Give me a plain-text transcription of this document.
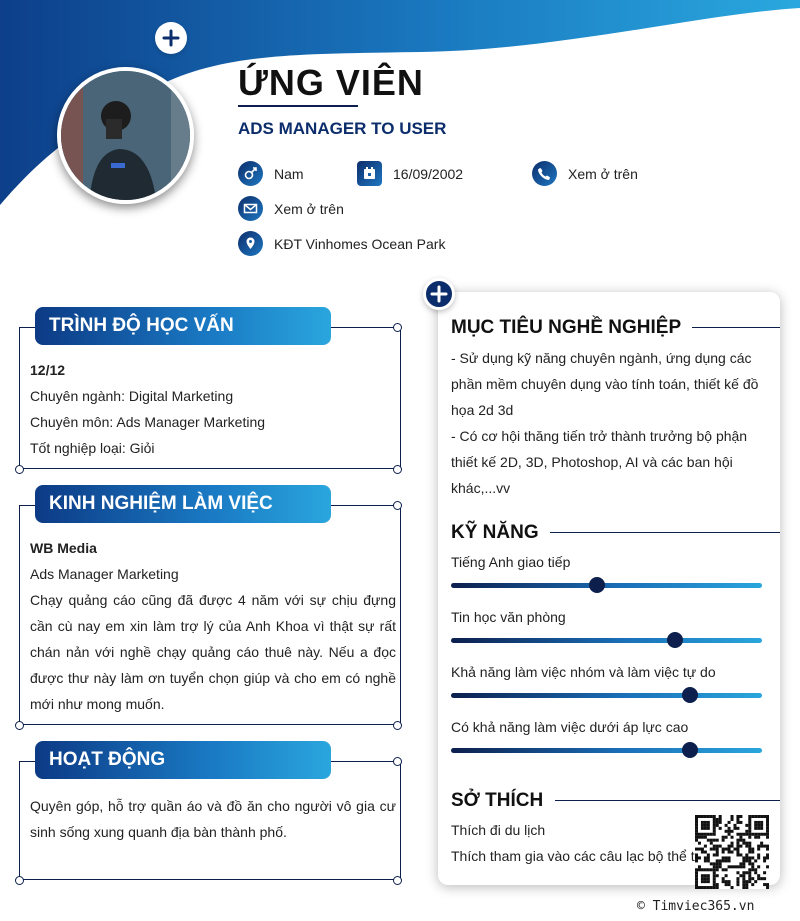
ỨNG VIÊN
ADS MANAGER TO USER
Nam	16/09/2002	Xem ở trên
Xem ở trên
KĐT Vinhomes Ocean Park
TRÌNH ĐỘ HỌC VẤN
12/12
Chuyên ngành: Digital Marketing
Chuyên môn: Ads Manager Marketing
Tốt nghiệp loại: Giỏi
KINH NGHIỆM LÀM VIỆC
WB Media
Ads Manager Marketing
Chạy quảng cáo cũng đã được 4 năm với sự chịu đựng cần cù nay em xin làm trợ lý của Anh Khoa vì thật sự rất chán nản với nghề chạy quảng cáo thuê này. Nếu a đọc được thư này làm ơn tuyển chọn giúp và cho em có nghề mới như mong muốn.
HOẠT ĐỘNG
Quyên góp, hỗ trợ quần áo và đồ ăn cho người vô gia cư sinh sống xung quanh địa bàn thành phố.
MỤC TIÊU NGHỀ NGHIỆP
- Sử dụng kỹ năng chuyên ngành, ứng dụng các phần mềm chuyên dụng vào tính toán, thiết kế đồ họa 2d 3d
- Có cơ hội thăng tiến trở thành trưởng bộ phận thiết kế 2D, 3D, Photoshop, AI và các ban hội khác,...vv
KỸ NĂNG
Tiếng Anh giao tiếp
Tin học văn phòng
Khả năng làm việc nhóm và làm việc tự do
Có khả năng làm việc dưới áp lực cao
SỞ THÍCH
Thích đi du lịch
Thích tham gia vào các câu lạc bộ thể t
© Timviec365.vn
